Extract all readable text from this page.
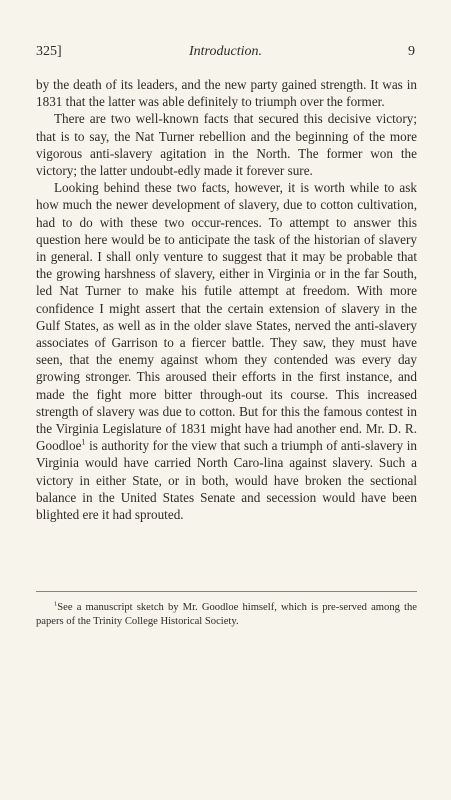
325]	Introduction.	9

by the death of its leaders, and the new party gained strength. It was in 1831 that the latter was able definitely to triumph over the former.

There are two well-known facts that secured this decisive victory; that is to say, the Nat Turner rebellion and the beginning of the more vigorous anti-slavery agitation in the North. The former won the victory; the latter undoubt-edly made it forever sure.

Looking behind these two facts, however, it is worth while to ask how much the newer development of slavery, due to cotton cultivation, had to do with these two occur-rences. To attempt to answer this question here would be to anticipate the task of the historian of slavery in general. I shall only venture to suggest that it may be probable that the growing harshness of slavery, either in Virginia or in the far South, led Nat Turner to make his futile attempt at freedom. With more confidence I might assert that the certain extension of slavery in the Gulf States, as well as in the older slave States, nerved the anti-slavery associates of Garrison to a fiercer battle. They saw, they must have seen, that the enemy against whom they contended was every day growing stronger. This aroused their efforts in the first instance, and made the fight more bitter through-out its course. This increased strength of slavery was due to cotton. But for this the famous contest in the Virginia Legislature of 1831 might have had another end. Mr. D. R. Goodloe$^1$ is authority for the view that such a triumph of anti-slavery in Virginia would have carried North Caro-lina against slavery. Such a victory in either State, or in both, would have broken the sectional balance in the United States Senate and secession would have been blighted ere it had sprouted.

$^1$See a manuscript sketch by Mr. Goodloe himself, which is pre-served among the papers of the Trinity College Historical Society.
